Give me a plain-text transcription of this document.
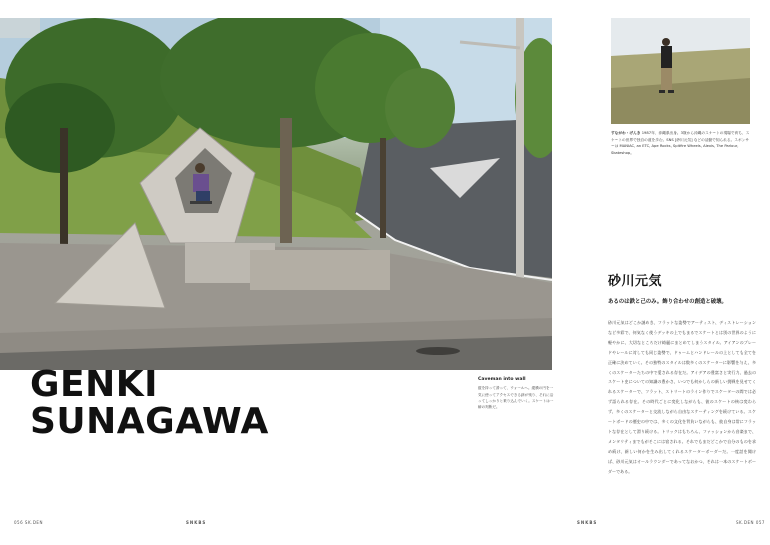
すながわ・げんき 1987年、沖縄県出身。3歳から沖縄のスケートの現場で育ち、スケートの世界で独自の道を歩む。SNS [砂川元気] などの活動で知られる。スポンサーは MANIAC, an ETC, Ape Rocks, Spitfire Wheels, Alexis, The Parlour, Skateshop。
GENKI
SUNAGAWA
Caveman into wall
縦を持って滑って、ウォールへ。縦横の円を一気に使ってアクセスできる跡が残り、それに沿ってしっかりと乗り込んでいく。スケートは一瞬の判断だ。
砂川元気
あるのは鉄と己のみ。飾り合わせの創造と破壊。
砂川元気はどこか謎めき、フラットな姿勢でアーティスト、ディストレーションなど多彩で、何気なく使うデッキの上でもまるでスケートとは別の世界のように軽やかに、大切なところだけ綺麗にまとめてしまうスタイル。アイアンのブレードやレールに対しても同じ姿勢で、ドゥームとハンドレールの上としても全てを正確に決めていく。その独特のスタイルは数多くのスケーターに影響を与え、多くのスケーターたちの中で愛される存在だ。アイデアの豊富さと実行力、過去のスケート史についての知識の豊かさ、いつでも何かしらの新しい挑戦を見せてくれるスケーターで、フラット、ストリートのライン作りでスケーターの間では必ず語られる存在。その時代ごとに変化しながらも、彼のスケートの核は変わらず、多くのスケーターと交流しながら自由なスケーティングを続けている。スケートボードの歴史の中では、多くの文化を背負いながらも、彼自身は常にフラットな存在として滑り続ける。トリックはもちろん、ファッションから音楽まで、メンタリティまでもがそこには宿される。それでもまだどこかで自分のものを求め続け、新しい何かを生み出してくれるスケーターボーダーだ。一度話を聞けば、砂川元気はオールラウンダーであってなおかつ、それは一本のスケートボーダーである。
056 SK.DEN	SNKBS	SNKBS	SK.DEN 057
